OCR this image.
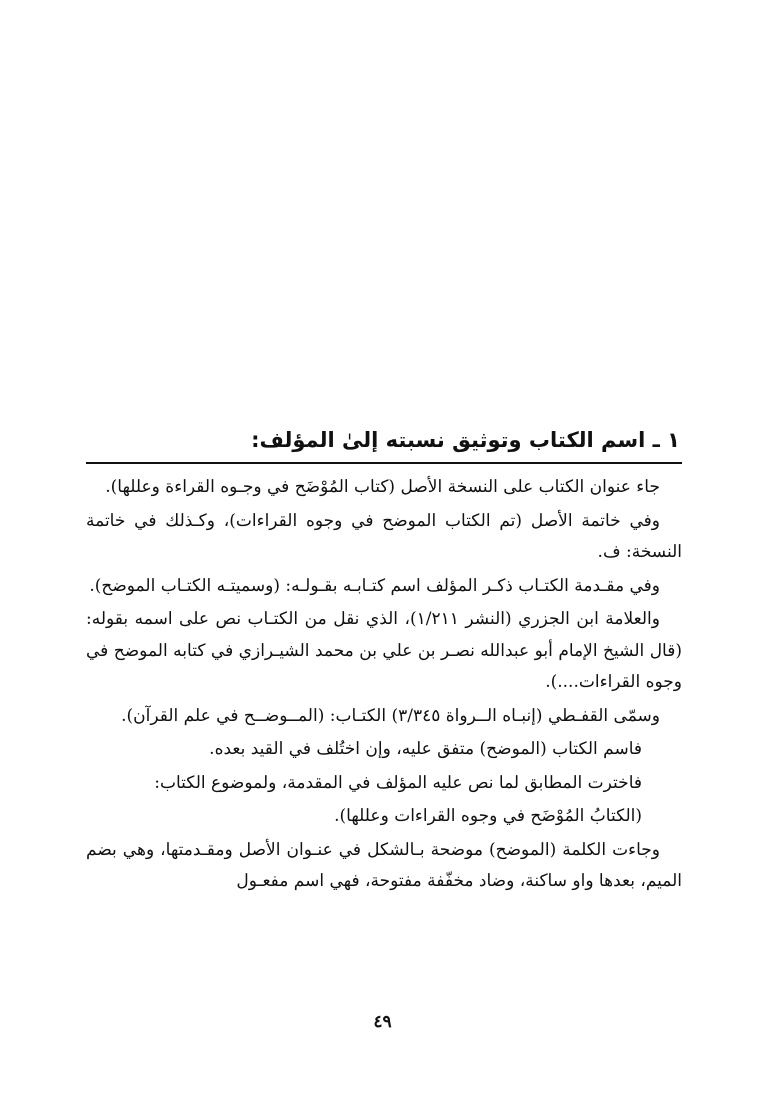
١ ـ اسم الكتاب وتوثيق نسبته إلىٰ المؤلف:

جاء عنوان الكتاب على النسخة الأصل (كتاب المُوْضَح في وجـوه القراءة وعللها).

وفي خاتمة الأصل (تم الكتاب الموضح في وجوه القراءات)، وكـذلك في خاتمة النسخة: ف.

وفي مقـدمة الكتـاب ذكـر المؤلف اسم كتـابـه بقـولـه: (وسميتـه الكتـاب الموضح).

والعلامة ابن الجزري (النشر ١/٢١١)، الذي نقل من الكتـاب نص على اسمه بقوله: (قال الشيخ الإمام أبو عبدالله نصـر بن علي بن محمد الشيـرازي في كتابه الموضح في وجوه القراءات....).

وسمّى القفـطي (إنبـاه الــرواة ٣/٣٤٥) الكتـاب: (المــوضــح في علم القرآن).

فاسم الكتاب (الموضح) متفق عليه، وإن اختُلف في القيد بعده.

فاخترت المطابق لما نص عليه المؤلف في المقدمة، ولموضوع الكتاب:

(الكتابُ المُوْضَح في وجوه القراءات وعللها).

وجاءت الكلمة (الموضح) موضحة بـالشكل في عنـوان الأصل ومقـدمتها، وهي بضم الميم، بعدها واو ساكنة، وضاد مخفّفة مفتوحة، فهي اسم مفعـول

٤٩
